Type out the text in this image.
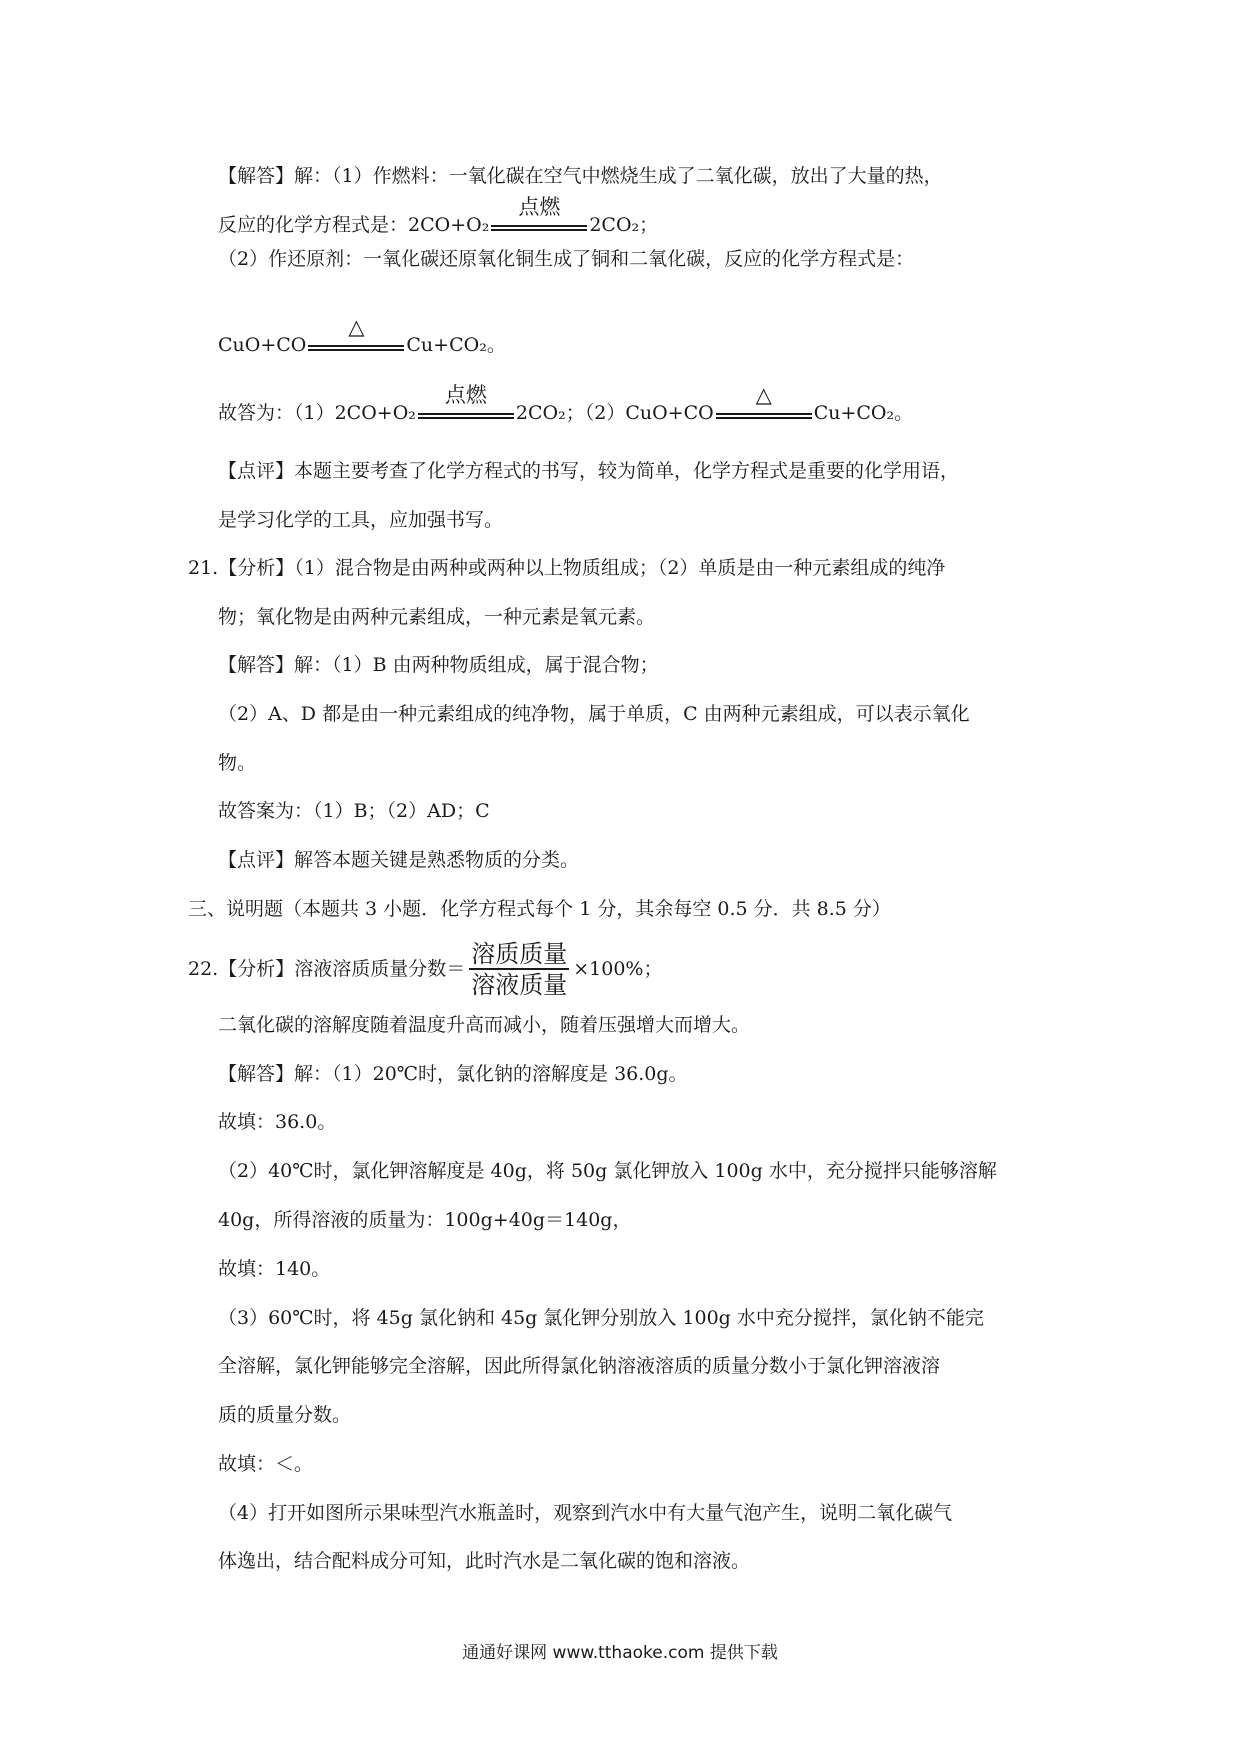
【解答】解：（1）作燃料：一氧化碳在空气中燃烧生成了二氧化碳，放出了大量的热，
反应的化学方程式是：2CO+O₂
点燃
2CO₂；
（2）作还原剂：一氧化碳还原氧化铜生成了铜和二氧化碳，反应的化学方程式是：
CuO+CO
△
Cu+CO₂。
故答为：（1）2CO+O₂
点燃
2CO₂；（2）CuO+CO
△
Cu+CO₂。
【点评】本题主要考查了化学方程式的书写，较为简单，化学方程式是重要的化学用语，
是学习化学的工具，应加强书写。
21.【分析】（1）混合物是由两种或两种以上物质组成；（2）单质是由一种元素组成的纯净
物；氧化物是由两种元素组成，一种元素是氧元素。
【解答】解：（1）B 由两种物质组成，属于混合物；
（2）A、D 都是由一种元素组成的纯净物，属于单质，C 由两种元素组成，可以表示氧化
物。
故答案为：（1）B；（2）AD；C
【点评】解答本题关键是熟悉物质的分类。
三、说明题（本题共 3 小题．化学方程式每个 1 分，其余每空 0.5 分．共 8.5 分）
22.【分析】溶液溶质质量分数＝ $\frac{\text{溶质质量}}{\text{溶液质量}} \times 100\%$；
二氧化碳的溶解度随着温度升高而减小，随着压强增大而增大。
【解答】解：（1）20℃时，氯化钠的溶解度是 36.0g。
故填：36.0。
（2）40℃时，氯化钾溶解度是 40g，将 50g 氯化钾放入 100g 水中，充分搅拌只能够溶解
40g，所得溶液的质量为：100g+40g＝140g，
故填：140。
（3）60℃时，将 45g 氯化钠和 45g 氯化钾分别放入 100g 水中充分搅拌，氯化钠不能完
全溶解，氯化钾能够完全溶解，因此所得氯化钠溶液溶质的质量分数小于氯化钾溶液溶
质的质量分数。
故填：＜。
（4）打开如图所示果味型汽水瓶盖时，观察到汽水中有大量气泡产生，说明二氧化碳气
体逸出，结合配料成分可知，此时汽水是二氧化碳的饱和溶液。
通通好课网 www.tthaoke.com 提供下载
